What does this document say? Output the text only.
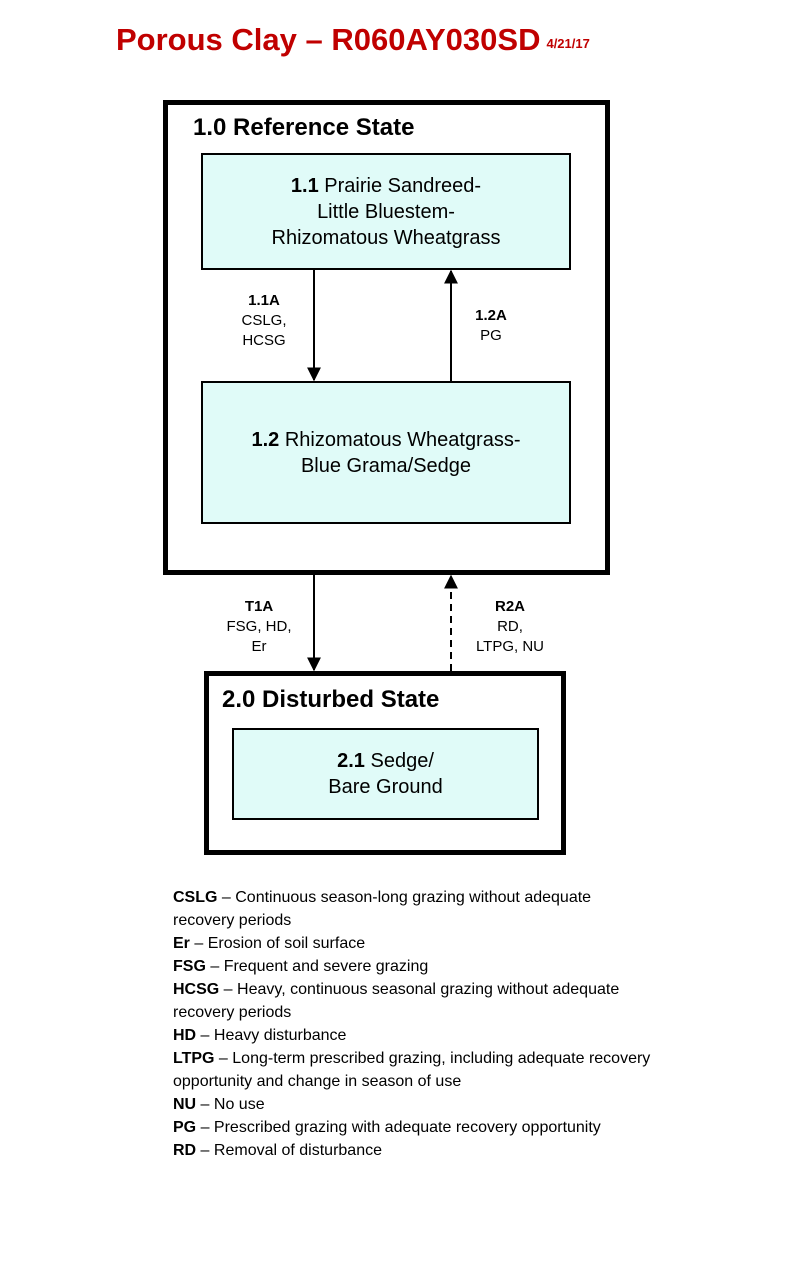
Porous Clay – R060AY030SD 4/21/17
1.0 Reference State
1.1 Prairie Sandreed-
Little Bluestem-
Rhizomatous Wheatgrass
1.2 Rhizomatous Wheatgrass-
Blue Grama/Sedge
2.0 Disturbed State
2.1 Sedge/
Bare Ground
1.1A
CSLG,
HCSG
1.2A
PG
T1A
FSG, HD,
Er
R2A
RD,
LTPG, NU

CSLG – Continuous season-long grazing without adequate recovery periods

Er – Erosion of soil surface

FSG – Frequent and severe grazing

HCSG – Heavy, continuous seasonal grazing without adequate recovery periods

HD – Heavy disturbance

LTPG – Long-term prescribed grazing, including adequate recovery opportunity and change in season of use

NU – No use

PG – Prescribed grazing with adequate recovery opportunity

RD – Removal of disturbance
